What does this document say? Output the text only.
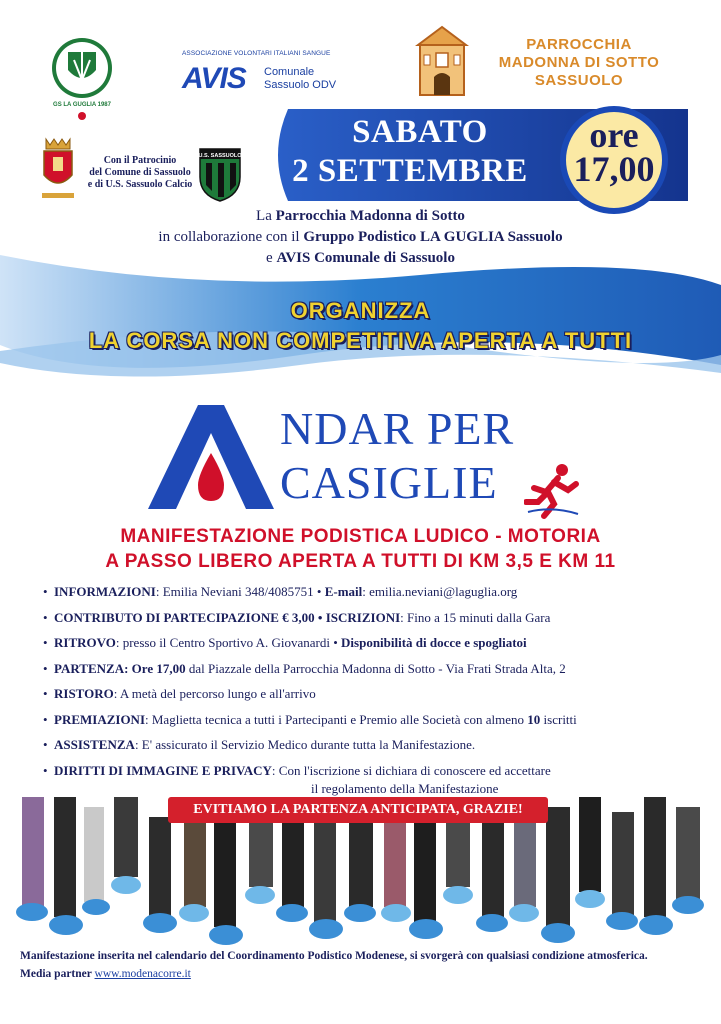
GS LA GUGLIA 1987
ASSOCIAZIONE VOLONTARI ITALIANI SANGUE
AVIS Comunale
Sassuolo ODV
PARROCCHIA
MADONNA DI SOTTO
SASSUOLO
Con il Patrocinio
del Comune di Sassuolo
e di U.S. Sassuolo Calcio
U.S. SASSUOLO
SABATO
2 SETTEMBRE
ore
17,00
La Parrocchia Madonna di Sotto
in collaborazione con il Gruppo Podistico LA GUGLIA Sassuolo
e AVIS Comunale di Sassuolo
ORGANIZZA
LA CORSA NON COMPETITIVA APERTA A TUTTI
NDAR PER
CASIGLIE
MANIFESTAZIONE PODISTICA LUDICO - MOTORIA
A PASSO LIBERO APERTA A TUTTI DI KM 3,5 E KM 11
• INFORMAZIONI: Emilia Neviani 348/4085751 • E-mail: emilia.neviani@laguglia.org
• CONTRIBUTO DI PARTECIPAZIONE € 3,00 • ISCRIZIONI: Fino a 15 minuti dalla Gara
• RITROVO: presso il Centro Sportivo A. Giovanardi • Disponibilità di docce e spogliatoi
• PARTENZA: Ore 17,00 dal Piazzale della Parrocchia Madonna di Sotto - Via Frati Strada Alta, 2
• RISTORO: A metà del percorso lungo e all'arrivo
• PREMIAZIONI: Maglietta tecnica a tutti i Partecipanti e Premio alle Società con almeno 10 iscritti
• ASSISTENZA: E' assicurato il Servizio Medico durante tutta la Manifestazione.
• DIRITTI DI IMMAGINE E PRIVACY: Con l'iscrizione si dichiara di conoscere ed accettare
il regolamento della Manifestazione
EVITIAMO LA PARTENZA ANTICIPATA, GRAZIE!
Manifestazione inserita nel calendario del Coordinamento Podistico Modenese, si svorgerà con qualsiasi condizione atmosferica.
Media partner www.modenacorre.it
